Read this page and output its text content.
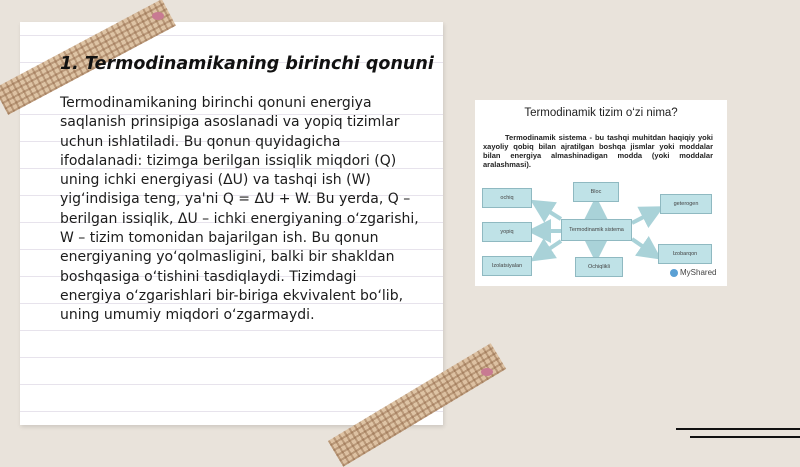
1. Termodinamikaning birinchi qonuni

Termodinamikaning birinchi qonuni energiya saqlanish prinsipiga asoslanadi va yopiq tizimlar uchun ishlatiladi. Bu qonun quyidagicha ifodalanadi: tizimga berilgan issiqlik miqdori (Q) uning ichki energiyasi (ΔU) va tashqi ish (W) yig‘indisiga teng, ya'ni Q = ΔU + W. Bu yerda, Q – berilgan issiqlik, ΔU – ichki energiyaning o‘zgarishi, W – tizim tomonidan bajarilgan ish. Bu qonun energiyaning yo‘qolmasligini, balki bir shakldan boshqasiga o‘tishini tasdiqlaydi. Tizimdagi energiya o‘zgarishlari bir-biriga ekvivalent bo‘lib, uning umumiy miqdori o‘zgarmaydi.

Termodinamik tizim o‘zi nima?
Termodinamik sistema - bu tashqi muhitdan haqiqiy yoki xayoliy qobiq bilan ajratilgan boshqa jismlar yoki moddalar bilan energiya almashinadigan modda (yoki moddalar aralashmasi).
Termodinamik sistema
Bloc
Ochiqlikli
ochiq
yopiq
Izolatsiyalan
geterogen
Izobarqon
MyShared
